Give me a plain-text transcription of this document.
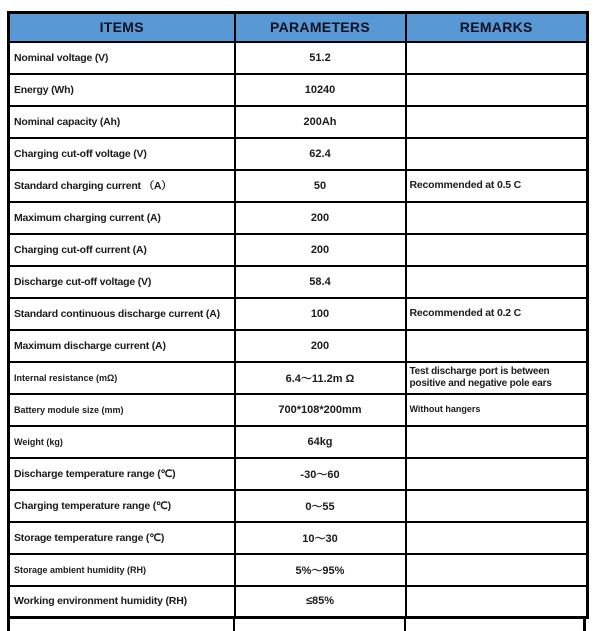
ITEMS	PARAMETERS	REMARKS
Nominal voltage (V)	51.2	
Energy (Wh)	10240	
Nominal capacity (Ah)	200Ah	
Charging cut-off voltage (V)	62.4	
Standard charging current （A）	50	Recommended at 0.5 C
Maximum charging current (A)	200	
Charging cut-off current (A)	200	
Discharge cut-off voltage (V)	58.4	
Standard continuous discharge current (A)	100	Recommended at 0.2 C
Maximum discharge current (A)	200	
Internal resistance (mΩ)	6.4～11.2m Ω	Test discharge port is between positive and negative pole ears
Battery module size (mm)	700*108*200mm	Without hangers
Weight (kg)	64kg	
Discharge temperature range (℃)	-30～60	
Charging temperature range (℃)	0～55	
Storage temperature range (℃)	10～30	
Storage ambient humidity (RH)	5%～95%	
Working environment humidity (RH)	≤85%	
